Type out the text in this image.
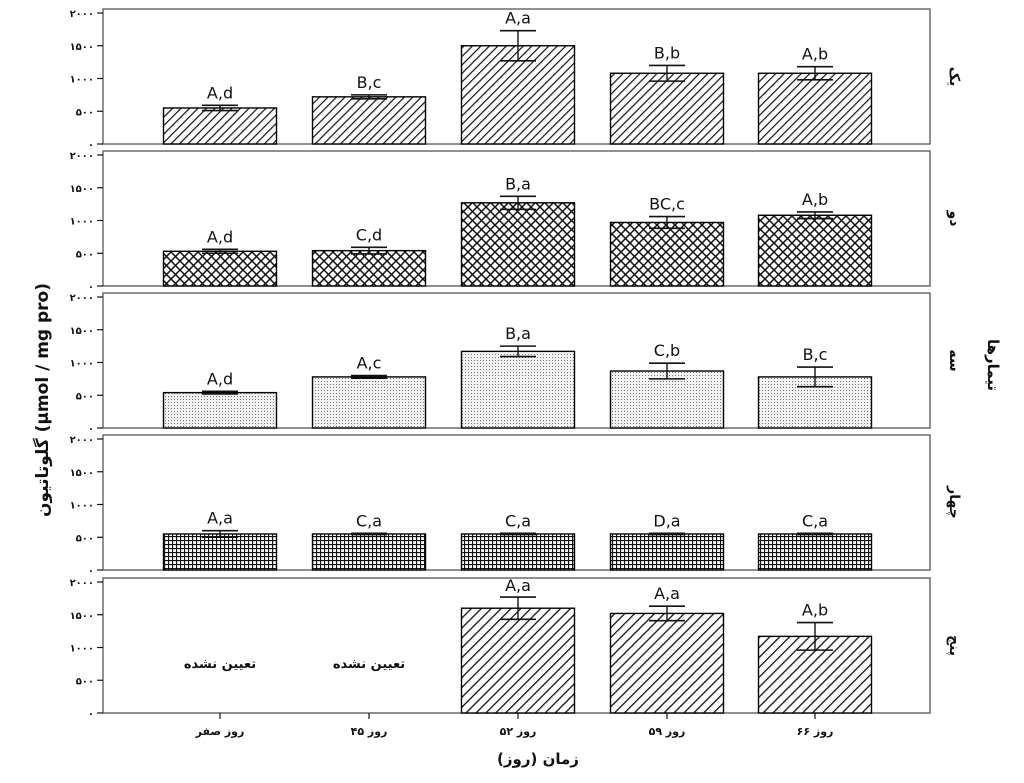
۰
۵۰۰
۱۰۰۰
۱۵۰۰
۲۰۰۰
A,d
B,c
A,a
B,b	A,b
یک
۰
۵۰۰
۱۰۰۰
۱۵۰۰
۲۰۰۰
A,d	C,d
B,a
BC,c	A,b
دو
۰
۵۰۰
۱۰۰۰
۱۵۰۰
۲۰۰۰
A,d
A,c
B,a
C,b	B,c	سه
۰
۵۰۰
۱۰۰۰
۱۵۰۰
۲۰۰۰
A,a	C,a	C,a	D,a	C,a
چهار
۰
۵۰۰
۱۰۰۰
۱۵۰۰
۲۰۰۰
تعیین نشده	تعیین نشده
A,a	A,a
A,b
پنج
روز صفر	روز ۴۵	روز ۵۲	روز ۵۹	روز ۶۶
زمان (روز)
گلوتاتیون (µmol / mg pro)	تیمارها
